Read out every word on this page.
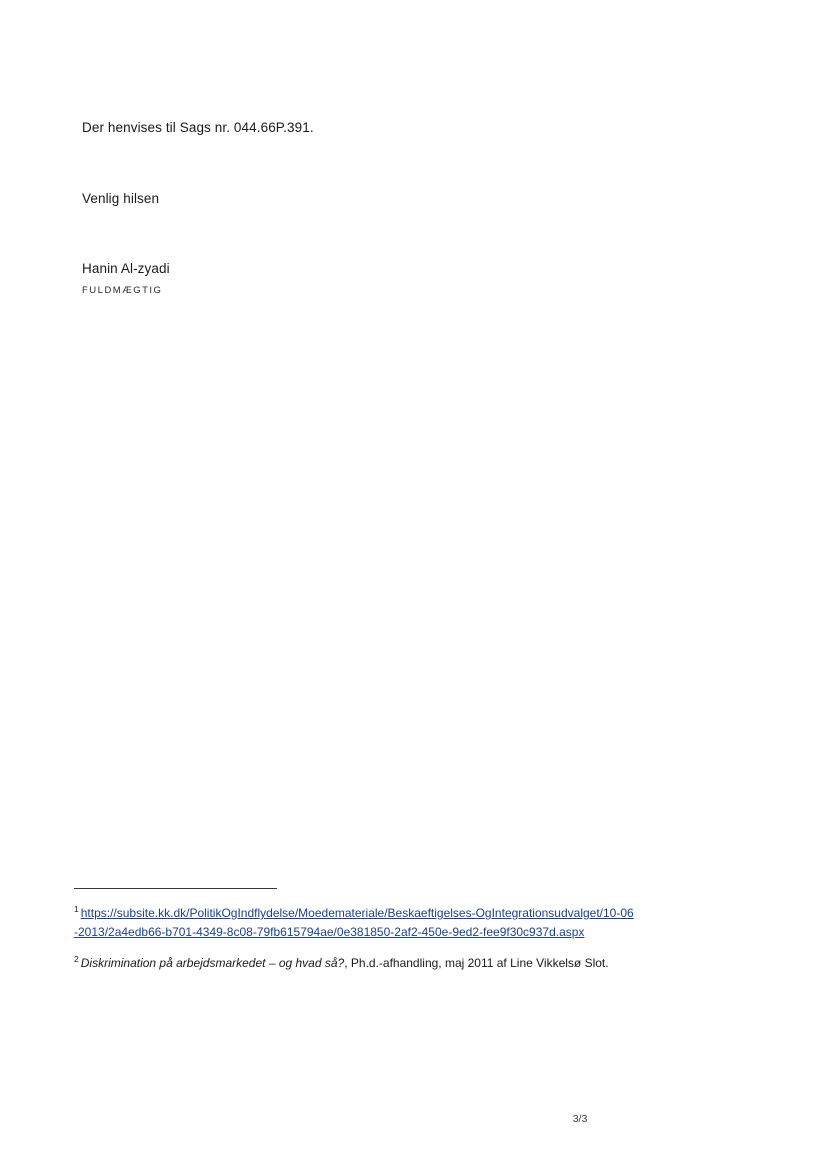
Der henvises til Sags nr. 044.66P.391.

Venlig hilsen

Hanin Al-zyadi

FULDMÆGTIG

$^1$ https://subsite.kk.dk/PolitikOgIndflydelse/Moedemateriale/Beskaeftigelses-OgIntegrationsudvalget/10-06-2013/2a4edb66-b701-4349-8c08-79fb615794ae/0e381850-2af2-450e-9ed2-fee9f30c937d.aspx

$^2$ Diskrimination på arbejdsmarkedet – og hvad så?, Ph.d.-afhandling, maj 2011 af Line Vikkelsø Slot.

3/3
